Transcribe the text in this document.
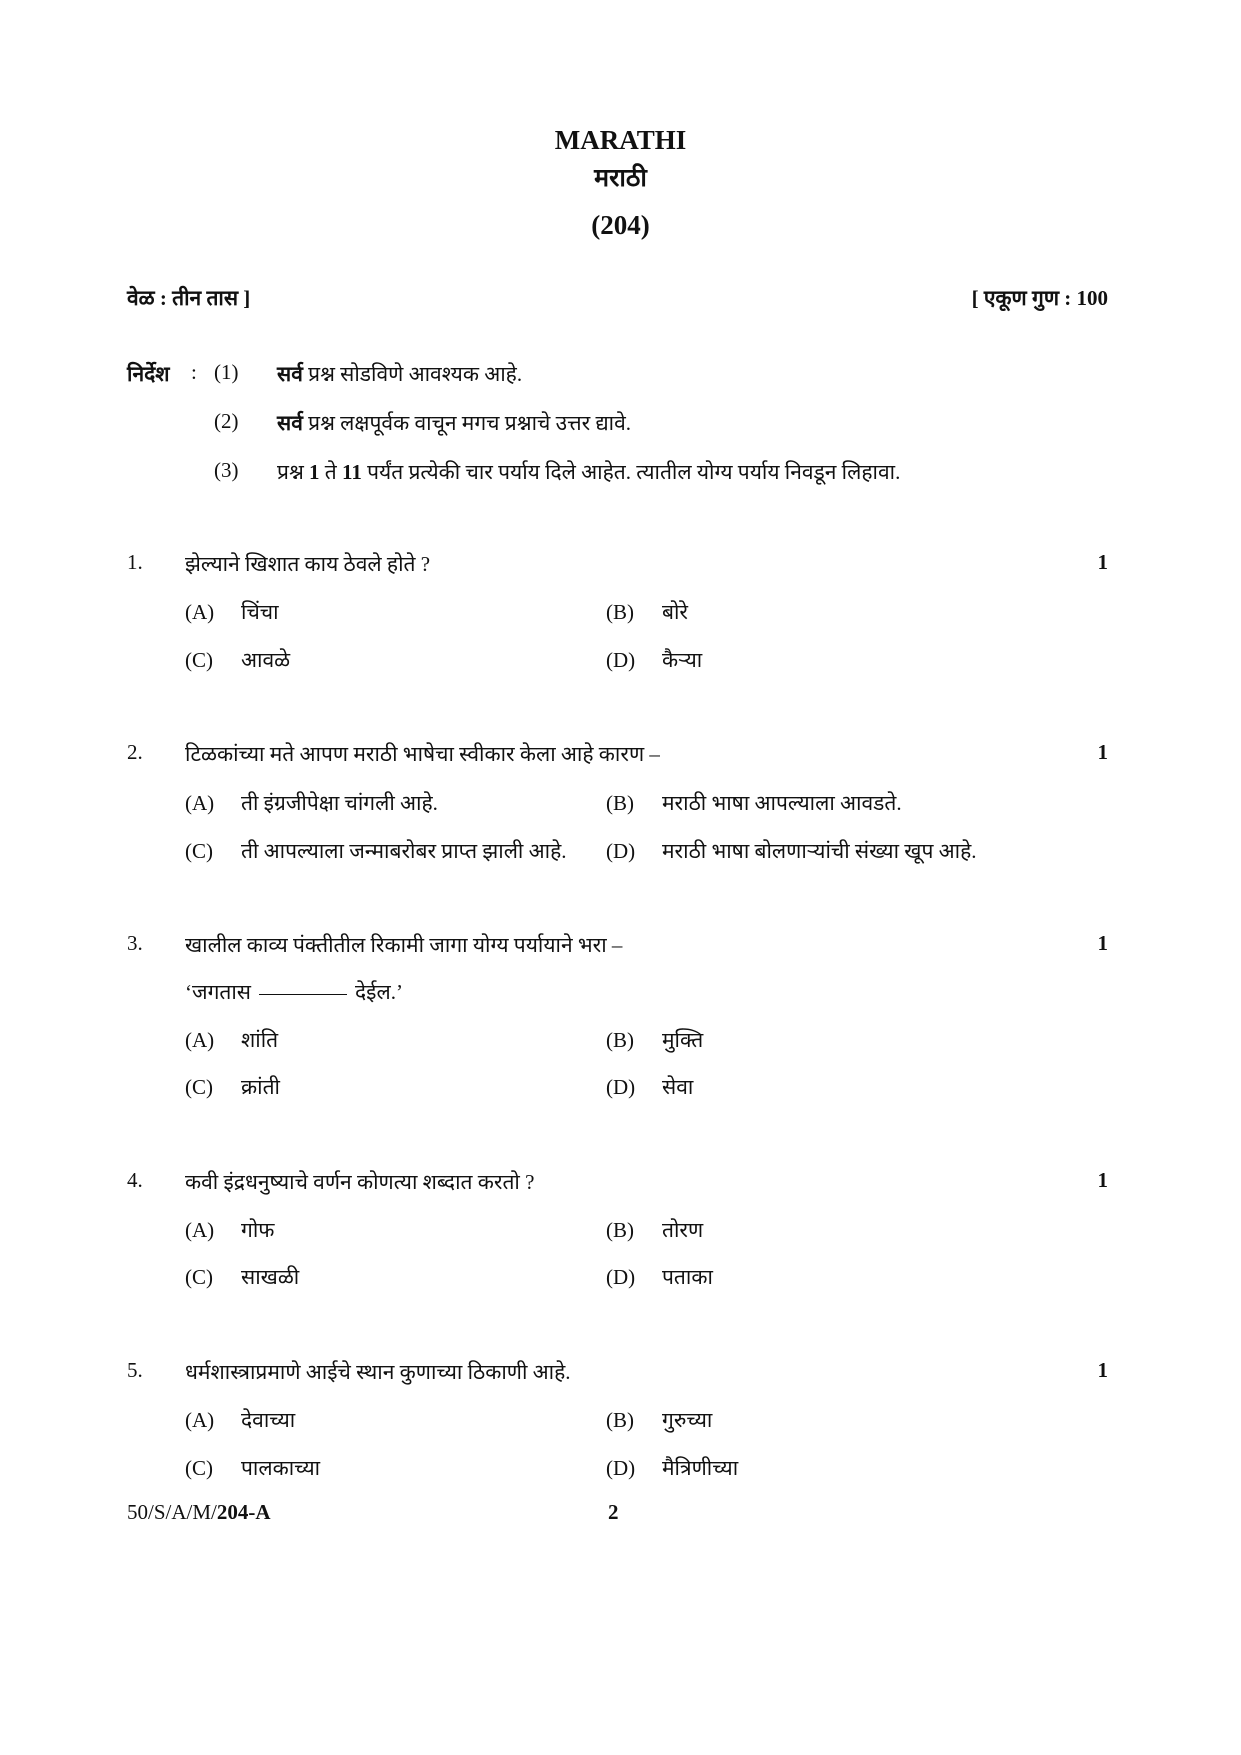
MARATHI
मराठी
(204)
वेळ : तीन तास ]	[ एकूण गुण : 100
निर्देश : (1) सर्व प्रश्न सोडविणे आवश्यक आहे.
(2) सर्व प्रश्न लक्षपूर्वक वाचून मगच प्रश्नाचे उत्तर द्यावे.
(3) प्रश्न 1 ते 11 पर्यंत प्रत्येकी चार पर्याय दिले आहेत. त्यातील योग्य पर्याय निवडून लिहावा.
1. झेल्याने खिशात काय ठेवले होते ?	1
(A) चिंचा	(B) बोरे
(C) आवळे	(D) कैऱ्या
2. टिळकांच्या मते आपण मराठी भाषेचा स्वीकार केला आहे कारण –	1
(A) ती इंग्रजीपेक्षा चांगली आहे.	(B) मराठी भाषा आपल्याला आवडते.
(C) ती आपल्याला जन्माबरोबर प्राप्त झाली आहे. (D) मराठी भाषा बोलणाऱ्यांची संख्या खूप आहे.
3. खालील काव्य पंक्तीतील रिकामी जागा योग्य पर्यायाने भरा –	1
‘जगतास	देईल.’
(A) शांति	(B) मुक्ति
(C) क्रांती	(D) सेवा
4. कवी इंद्रधनुष्याचे वर्णन कोणत्या शब्दात करतो ?	1
(A) गोफ	(B) तोरण
(C) साखळी	(D) पताका
5. धर्मशास्त्राप्रमाणे आईचे स्थान कुणाच्या ठिकाणी आहे.	1
(A) देवाच्या	(B) गुरुच्या
(C) पालकाच्या	(D) मैत्रिणीच्या
50/S/A/M/204-A	2
